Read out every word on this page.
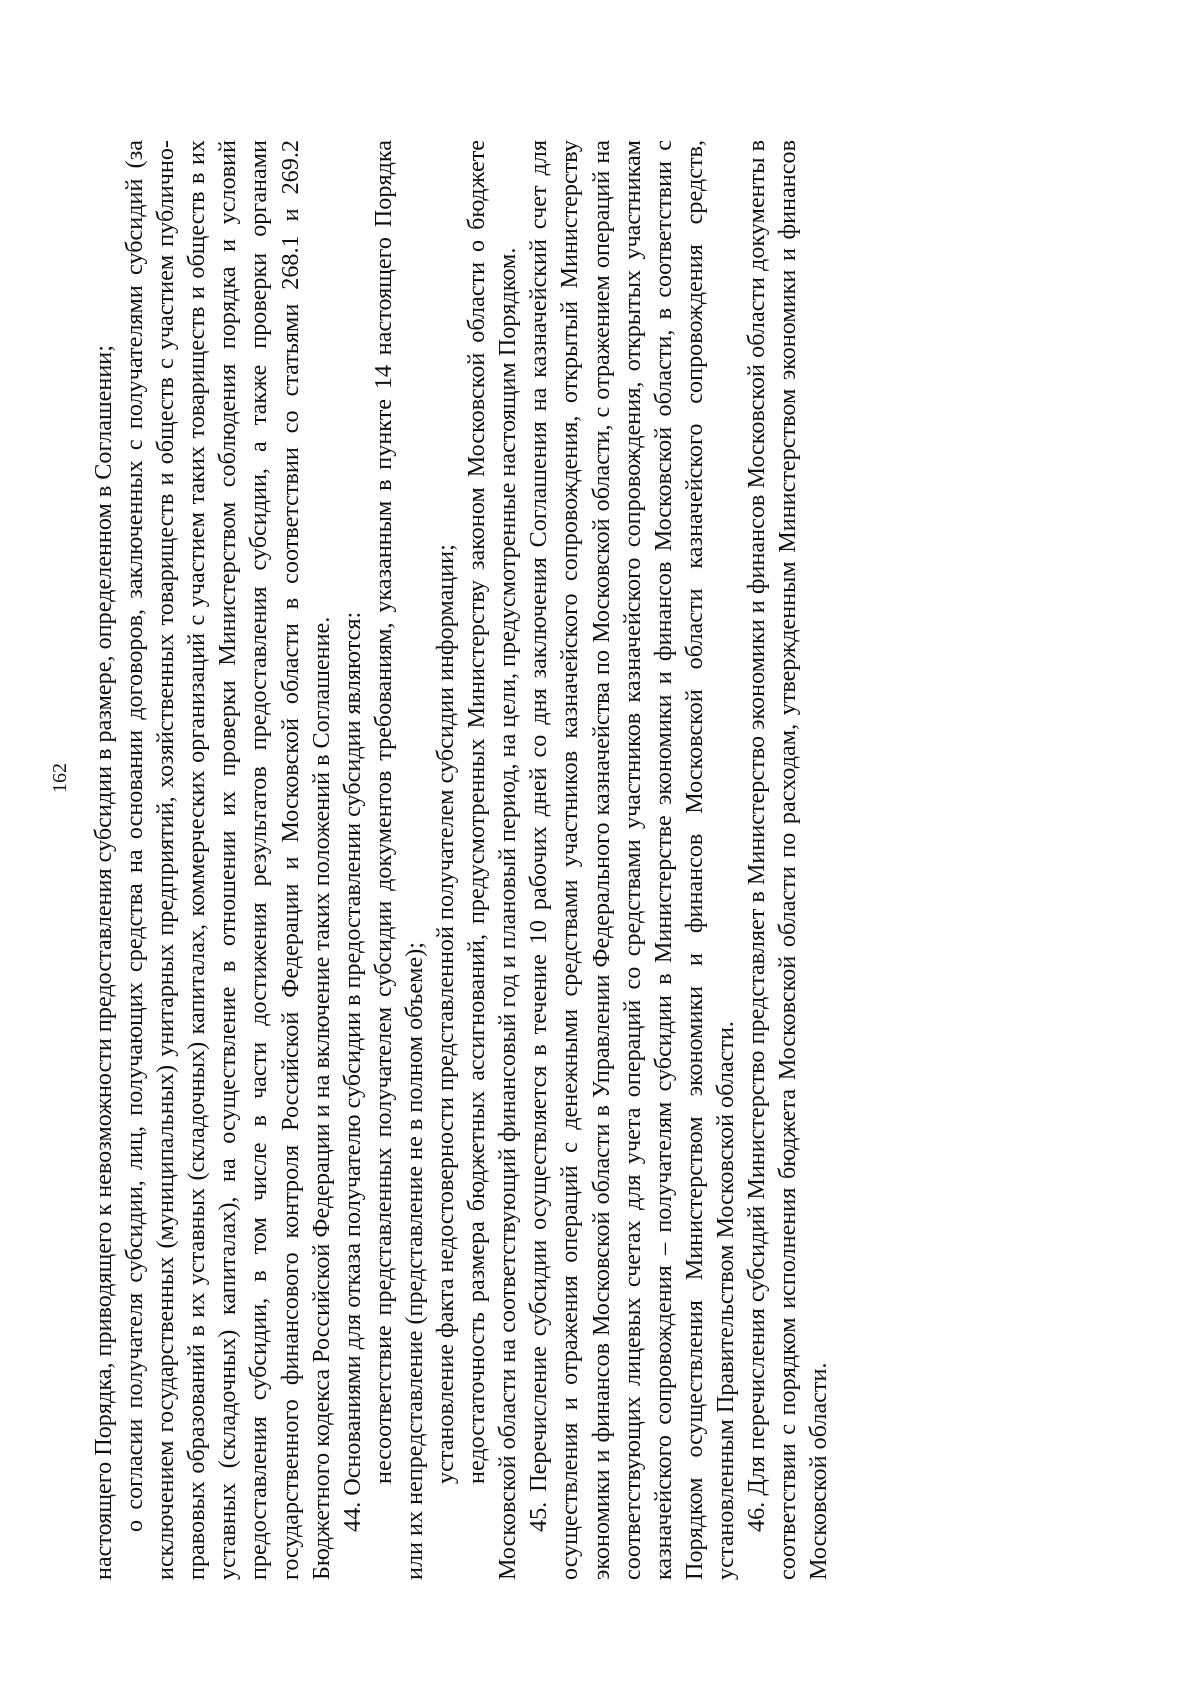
162 настоящего Порядка, приводящего к невозможности предоставления субсидии в размере, определенном в Соглашении; о согласии получателя субсидии, лиц, получающих средства на основании договоров, заключенных с получателями субсидий (за исключением государственных (муниципальных) унитарных предприятий, хозяйственных товариществ и обществ с участием публично-правовых образований в их уставных (складочных) капиталах, коммерческих организаций с участием таких товариществ и обществ в их уставных (складочных) капиталах), на осуществление в отношении их проверки Министерством соблюдения порядка и условий предоставления субсидии, в том числе в части достижения результатов предоставления субсидии, а также проверки органами государственного финансового контроля Российской Федерации и Московской области в соответствии со статьями 268.1 и 269.2 Бюджетного кодекса Российской Федерации и на включение таких положений в Соглашение. 44. Основаниями для отказа получателю субсидии в предоставлении субсидии являются: несоответствие представленных получателем субсидии документов требованиям, указанным в пункте 14 настоящего Порядка или их непредставление (представление не в полном объеме); установление факта недостоверности представленной получателем субсидии информации; недостаточность размера бюджетных ассигнований, предусмотренных Министерству законом Московской области о бюджете Московской области на соответствующий финансовый год и плановый период, на цели, предусмотренные настоящим Порядком. 45. Перечисление субсидии осуществляется в течение 10 рабочих дней со дня заключения Соглашения на казначейский счет для осуществления и отражения операций с денежными средствами участников казначейского сопровождения, открытый Министерству экономики и финансов Московской области в Управлении Федерального казначейства по Московской области, с отражением операций на соответствующих лицевых счетах для учета операций со средствами участников казначейского сопровождения, открытых участникам казначейского сопровождения – получателям субсидии в Министерстве экономики и финансов Московской области, в соответствии с Порядком осуществления Министерством экономики и финансов Московской области казначейского сопровождения средств, установленным Правительством Московской области. 46. Для перечисления субсидий Министерство представляет в Министерство экономики и финансов Московской области документы в соответствии с порядком исполнения бюджета Московской области по расходам, утвержденным Министерством экономики и финансов Московской области.
